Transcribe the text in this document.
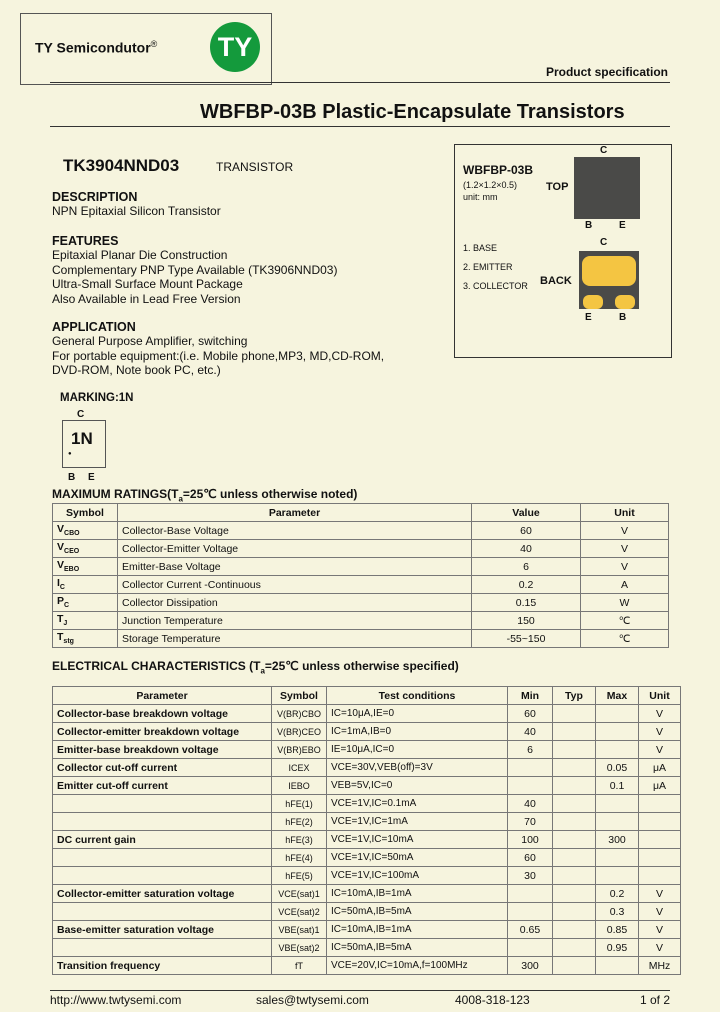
TY Semicondutor® TY
Product specification
WBFBP-03B Plastic-Encapsulate Transistors
TK3904NND03	TRANSISTOR
DESCRIPTION
NPN Epitaxial Silicon Transistor
FEATURES
Epitaxial Planar Die Construction
Complementary PNP Type Available (TK3906NND03)
Ultra-Small Surface Mount Package
Also Available in Lead Free Version
APPLICATION
General Purpose Amplifier, switching
For portable equipment:(i.e. Mobile phone,MP3, MD,CD-ROM,
DVD-ROM, Note book PC, etc.)
WBFBP-03B
(1.2×1.2×0.5)
unit: mm
TOP
C
B	E
1. BASE
2. EMITTER
3. COLLECTOR
C
BACK
E	B
MARKING:1N
C
1N
●
B E
MAXIMUM $RATINGS(T_a=25℃$ unless otherwise noted)
Symbol	Parameter	Value	Unit
$V_{CBO}$	Collector-Base Voltage	60	V
$V_{CEO}$	Collector-Emitter Voltage	40	V
$V_{EBO}$	Emitter-Base Voltage	6	V
$I_C$	Collector Current -Continuous	0.2	A
$P_C$	Collector Dissipation	0.15	W
$T_J$	Junction Temperature	150	℃
$T_{stg}$	Storage Temperature	-55~150	℃
ELECTRICAL CHARACTERISTICS ($T_a=25℃$ unless otherwise specified)
Parameter	Symbol	Test conditions	Min	Typ	Max	Unit
Collector-base breakdown voltage	V(BR)CBO	IC=10μA,IE=0	60			V
Collector-emitter breakdown voltage	V(BR)CEO	IC=1mA,IB=0	40			V
Emitter-base breakdown voltage	V(BR)EBO	IE=10μA,IC=0	6			V
Collector cut-off current	ICEX	VCE=30V,VEB(off)=3V			0.05	μA
Emitter cut-off current	IEBO	VEB=5V,IC=0			0.1	μA
	hFE(1)	VCE=1V,IC=0.1mA	40			
	hFE(2)	VCE=1V,IC=1mA	70			
DC current gain	hFE(3)	VCE=1V,IC=10mA	100		300	
	hFE(4)	VCE=1V,IC=50mA	60			
	hFE(5)	VCE=1V,IC=100mA	30			
Collector-emitter saturation voltage	VCE(sat)1	IC=10mA,IB=1mA			0.2	V
	VCE(sat)2	IC=50mA,IB=5mA			0.3	V
Base-emitter saturation voltage	VBE(sat)1	IC=10mA,IB=1mA	0.65		0.85	V
	VBE(sat)2	IC=50mA,IB=5mA			0.95	V
Transition frequency	fT	VCE=20V,IC=10mA,f=100MHz	300			MHz
http://www.twtysemi.com	sales@twtysemi.com	4008-318-123	1 of 2
